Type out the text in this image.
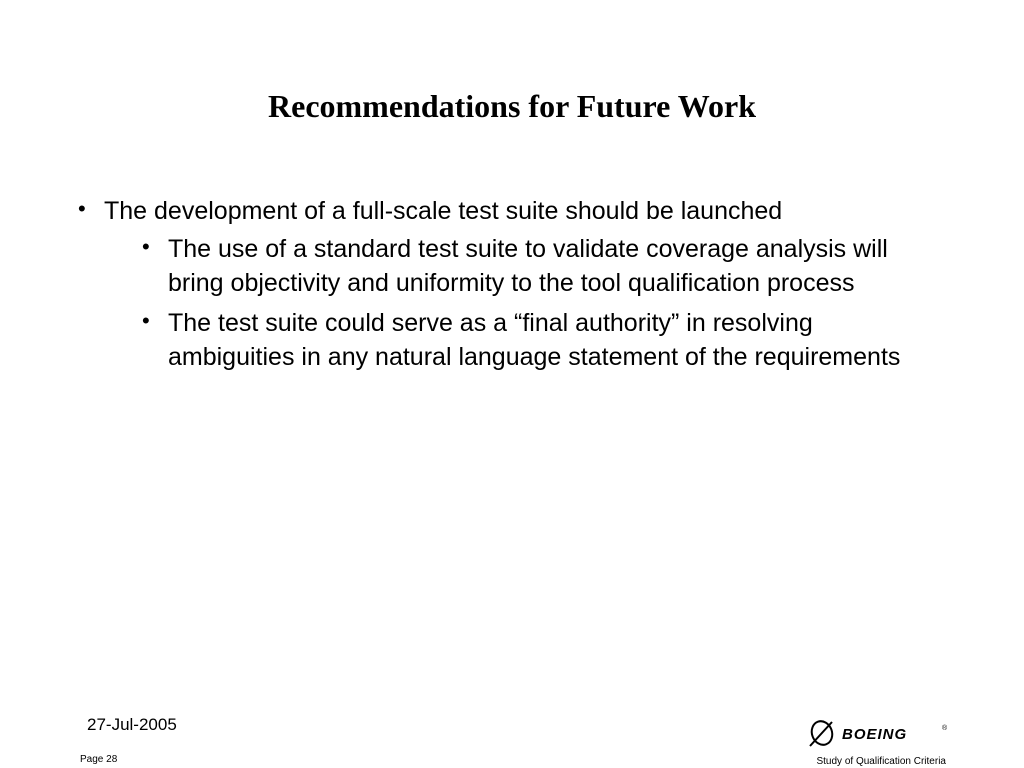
Recommendations for Future Work
• The development of a full-scale test suite should be launched
• The use of a standard test suite to validate coverage analysis will bring objectivity and uniformity to the tool qualification process
• The test suite could serve as a “final authority” in resolving ambiguities in any natural language statement of the requirements
27-Jul-2005
Page 28	Study of Qualification Criteria
BOEING	®
